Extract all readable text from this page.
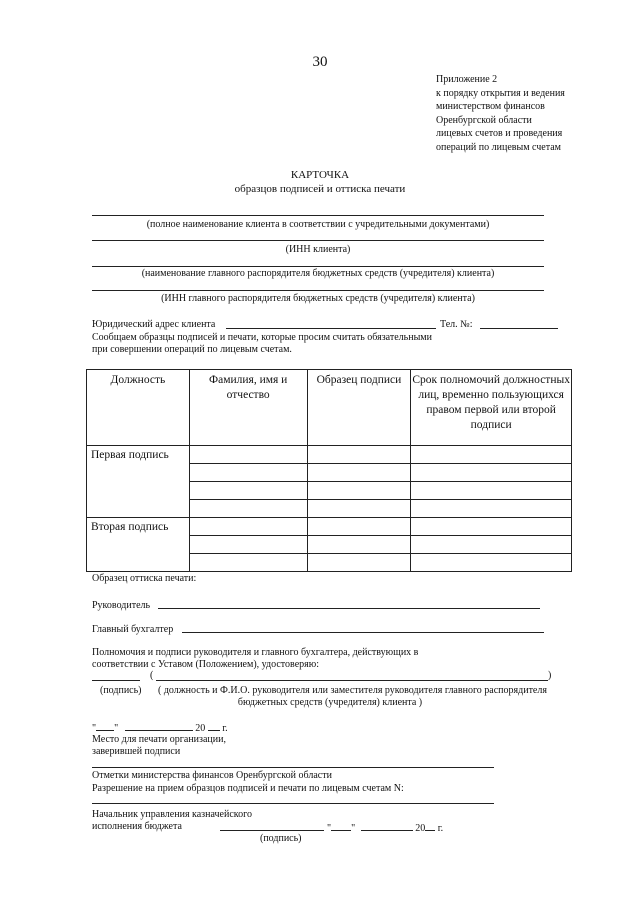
30
Приложение 2
к порядку открытия и ведения
министерством финансов
Оренбургской области
лицевых счетов и проведения
операций по лицевым счетам
КАРТОЧКА
образцов подписей и оттиска печати
(полное наименование клиента в соответствии с учредительными документами)
(ИНН клиента)
(наименование главного распорядителя бюджетных средств (учредителя) клиента)
(ИНН главного распорядителя бюджетных средств (учредителя) клиента)
Юридический адрес клиента	Тел. №:
Сообщаем образцы подписей и печати, которые просим считать обязательными
при совершении операций по лицевым счетам.
Должность	Фамилия, имя и отчество	Образец подписи	Срок полномочий должностных лиц, временно пользующихся правом первой или второй подписи
Первая подпись			

Вторая подпись			

Образец оттиска печати:
Руководитель
Главный бухгалтер
Полномочия и подписи руководителя и главного бухгалтера, действующих в
соответствии с Уставом (Положением), удостоверяю:
(	)
(подпись) ( должность и Ф.И.О. руководителя или заместителя руководителя главного распорядителя
бюджетных средств (учредителя) клиента )
" "	20 г.
Место для печати организации,
заверившей подписи
Отметки министерства финансов Оренбургской области
Разрешение на прием образцов подписей и печати по лицевым счетам N:
Начальник управления казначейского
исполнения бюджета	" "	20 г.
(подпись)
